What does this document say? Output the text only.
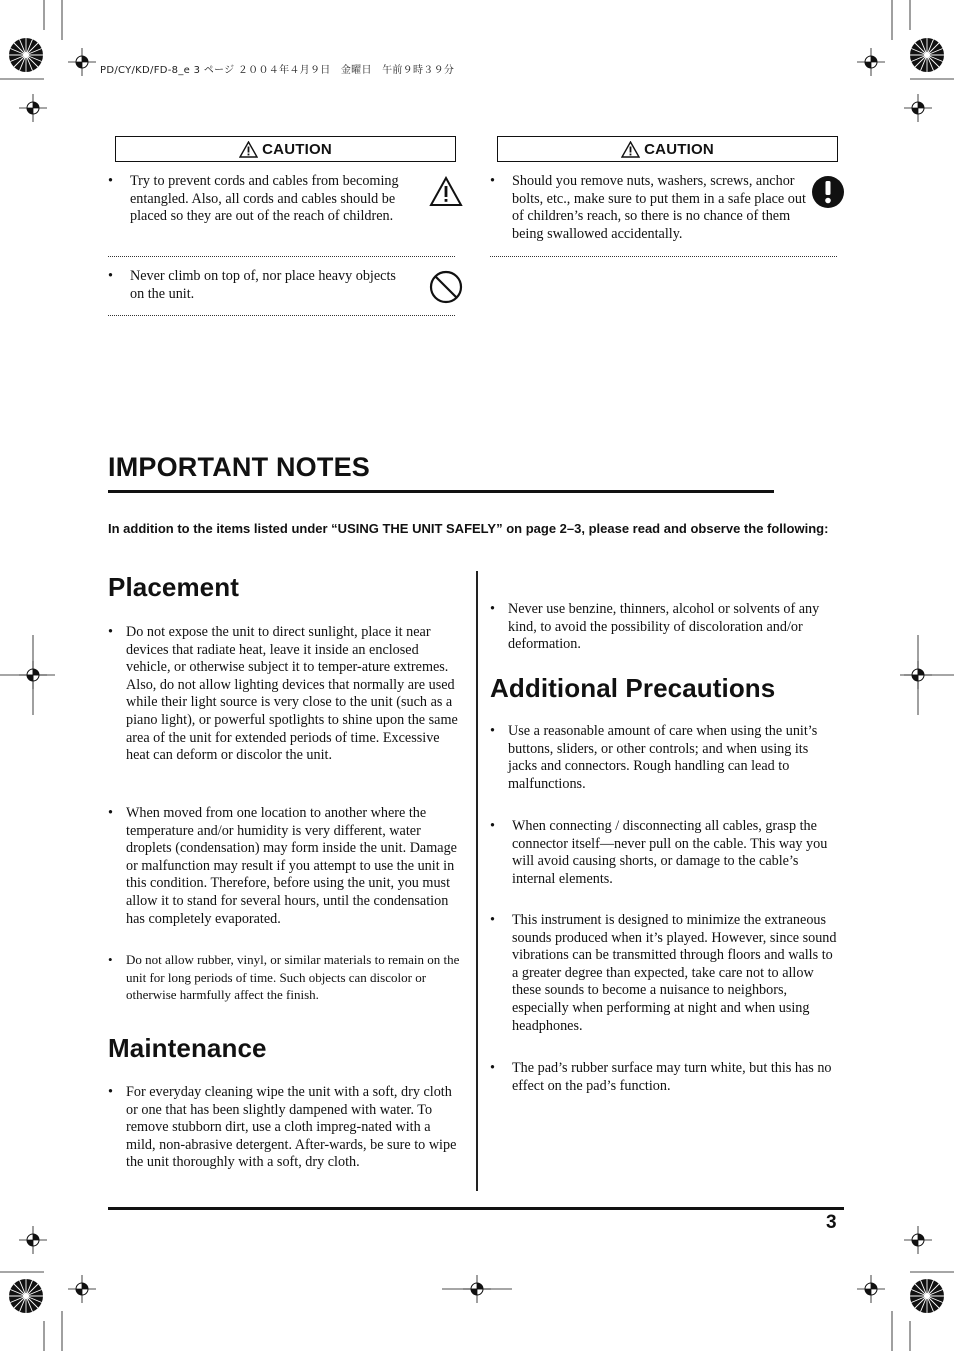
PD/CY/KD/FD-8_e 3 ページ ２００４年４月９日　金曜日　午前９時３９分
CAUTION
• Try to prevent cords and cables from becoming entangled. Also, all cords and cables should be placed so they are out of the reach of children.
• Never climb on top of, nor place heavy objects on the unit.
CAUTION
• Should you remove nuts, washers, screws, anchor bolts, etc., make sure to put them in a safe place out of children’s reach, so there is no chance of them being swallowed accidentally.
IMPORTANT NOTES
In addition to the items listed under “USING THE UNIT SAFELY” on page 2–3, please read and observe the following:
Placement
• Do not expose the unit to direct sunlight, place it near devices that radiate heat, leave it inside an enclosed vehicle, or otherwise subject it to temper-ature extremes. Also, do not allow lighting devices that normally are used while their light source is very close to the unit (such as a piano light), or powerful spotlights to shine upon the same area of the unit for extended periods of time. Excessive heat can deform or discolor the unit.
• When moved from one location to another where the temperature and/or humidity is very different, water droplets (condensation) may form inside the unit. Damage or malfunction may result if you attempt to use the unit in this condition. Therefore, before using the unit, you must allow it to stand for several hours, until the condensation has completely evaporated.
• Do not allow rubber, vinyl, or similar materials to remain on the unit for long periods of time. Such objects can discolor or otherwise harmfully affect the finish.
Maintenance
• For everyday cleaning wipe the unit with a soft, dry cloth or one that has been slightly dampened with water. To remove stubborn dirt, use a cloth impreg-nated with a mild, non-abrasive detergent. After-wards, be sure to wipe the unit thoroughly with a soft, dry cloth.
• Never use benzine, thinners, alcohol or solvents of any kind, to avoid the possibility of discoloration and/or deformation.
Additional Precautions
• Use a reasonable amount of care when using the unit’s buttons, sliders, or other controls; and when using its jacks and connectors. Rough handling can lead to malfunctions.
• When connecting / disconnecting all cables, grasp the connector itself—never pull on the cable. This way you will avoid causing shorts, or damage to the cable’s internal elements.
• This instrument is designed to minimize the extraneous sounds produced when it’s played. However, since sound vibrations can be transmitted through floors and walls to a greater degree than expected, take care not to allow these sounds to become a nuisance to neighbors, especially when performing at night and when using headphones.
• The pad’s rubber surface may turn white, but this has no effect on the pad’s function.
3
